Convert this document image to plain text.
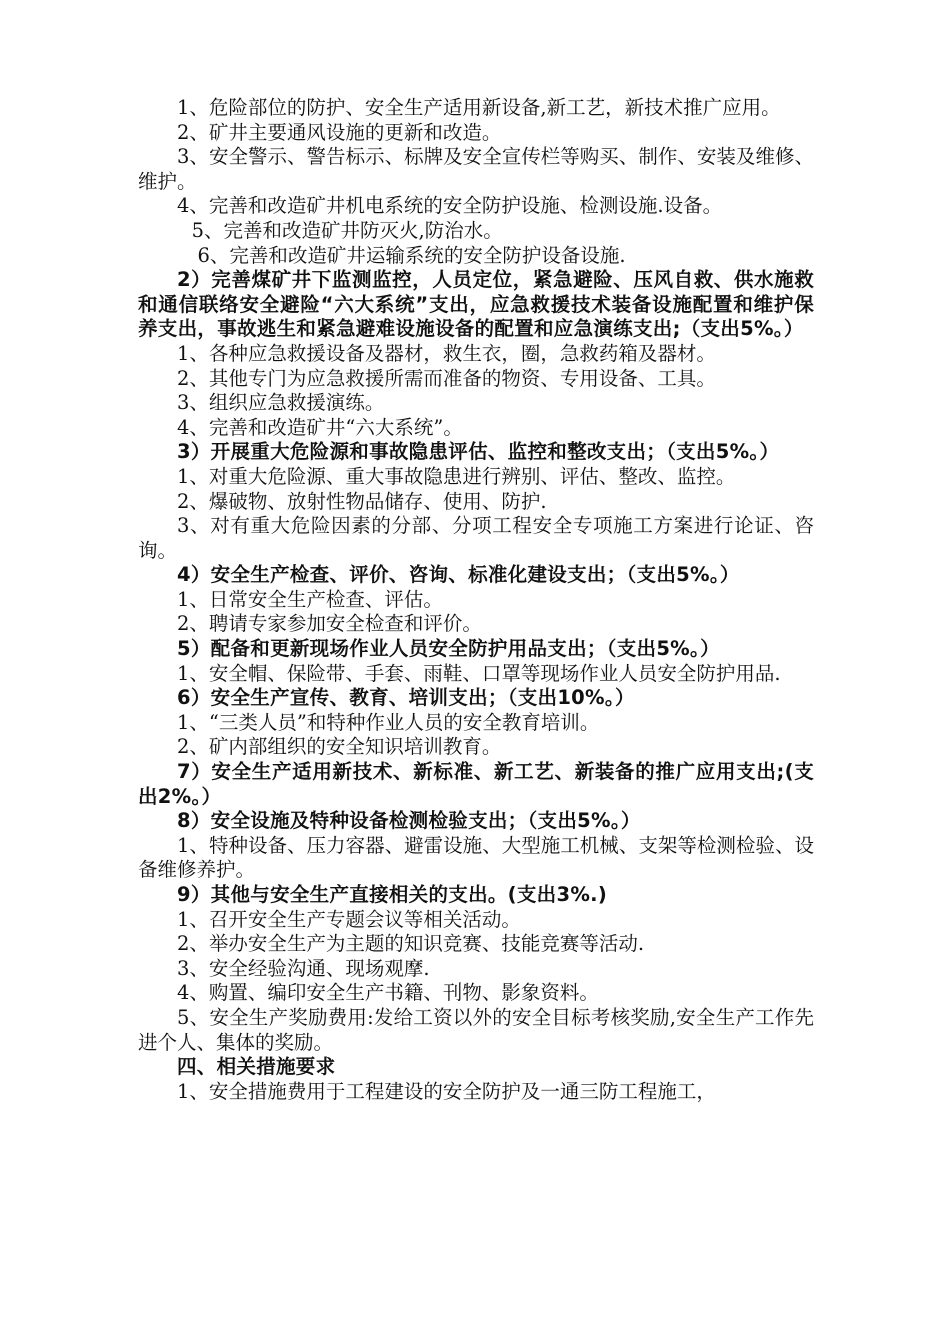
1、危险部位的防护、安全生产适用新设备,新工艺，新技术推广应用。

2、矿井主要通风设施的更新和改造。

3、安全警示、警告标示、标牌及安全宣传栏等购买、制作、安装及维修、维护。

4、完善和改造矿井机电系统的安全防护设施、检测设施.设备。

5、完善和改造矿井防灭火,防治水。

6、完善和改造矿井运输系统的安全防护设备设施.

2）完善煤矿井下监测监控，人员定位，紧急避险、压风自救、供水施救和通信联络安全避险“六大系统”支出，应急救援技术装备设施配置和维护保养支出，事故逃生和紧急避难设施设备的配置和应急演练支出;（支出5%。）

1、各种应急救援设备及器材，救生衣，圈，急救药箱及器材。

2、其他专门为应急救援所需而准备的物资、专用设备、工具。

3、组织应急救援演练。

4、完善和改造矿井“六大系统”。

3）开展重大危险源和事故隐患评估、监控和整改支出；（支出5%。）

1、对重大危险源、重大事故隐患进行辨别、评估、整改、监控。

2、爆破物、放射性物品储存、使用、防护.

3、对有重大危险因素的分部、分项工程安全专项施工方案进行论证、咨询。

4）安全生产检查、评价、咨询、标准化建设支出；（支出5%。）

1、日常安全生产检查、评估。

2、聘请专家参加安全检查和评价。

5）配备和更新现场作业人员安全防护用品支出；（支出5%。）

1、安全帽、保险带、手套、雨鞋、口罩等现场作业人员安全防护用品.

6）安全生产宣传、教育、培训支出；（支出10%。）

1、“三类人员”和特种作业人员的安全教育培训。

2、矿内部组织的安全知识培训教育。

7）安全生产适用新技术、新标准、新工艺、新装备的推广应用支出;(支出2%。）

8）安全设施及特种设备检测检验支出；（支出5%。）

1、特种设备、压力容器、避雷设施、大型施工机械、支架等检测检验、设备维修养护。

9）其他与安全生产直接相关的支出。(支出3%.)

1、召开安全生产专题会议等相关活动。

2、举办安全生产为主题的知识竞赛、技能竞赛等活动.

3、安全经验沟通、现场观摩.

4、购置、编印安全生产书籍、刊物、影象资料。

5、安全生产奖励费用:发给工资以外的安全目标考核奖励,安全生产工作先进个人、集体的奖励。

四、相关措施要求

1、安全措施费用于工程建设的安全防护及一通三防工程施工，
